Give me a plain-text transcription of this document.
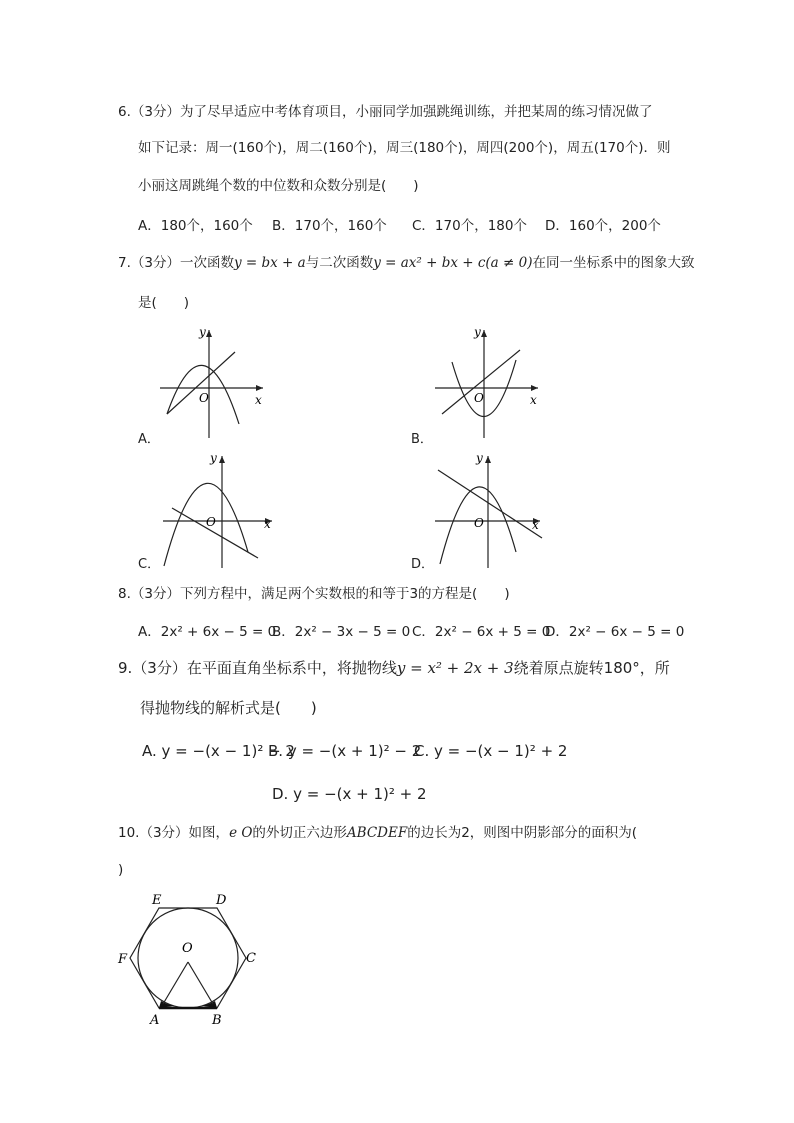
6.（3分）为了尽早适应中考体育项目，小丽同学加强跳绳训练，并把某周的练习情况做了
如下记录：周一(160个)，周二(160个)，周三(180个)，周四(200个)，周五(170个)．则
小丽这周跳绳个数的中位数和众数分别是(　　)
A．180个，160个 B．170个，160个 C．170个，180个 D．160个，200个
7.（3分）一次函数y = bx + a与二次函数y = ax² + bx + c(a ≠ 0)在同一坐标系中的图象大致
是(　　)
O	x
y
A．
O	x
y
B．
O	x
y
C．
O	x
y
D．
8.（3分）下列方程中，满足两个实数根的和等于3的方程是(　　)
A．2x² + 6x − 5 = 0
B．2x² − 3x − 5 = 0 C．2x² − 6x + 5 = 0
D．2x² − 6x − 5 = 0
9.（3分）在平面直角坐标系中，将抛物线y = x² + 2x + 3绕着原点旋转180°，所
得抛物线的解析式是(　　)
A. y = −(x − 1)² − 2
B. y = −(x + 1)² − 2
C. y = −(x − 1)² + 2
D. y = −(x + 1)² + 2
10.（3分）如图，e O的外切正六边形ABCDEF的边长为2，则图中阴影部分的面积为(
)
O
E	D
C
F
A	B
